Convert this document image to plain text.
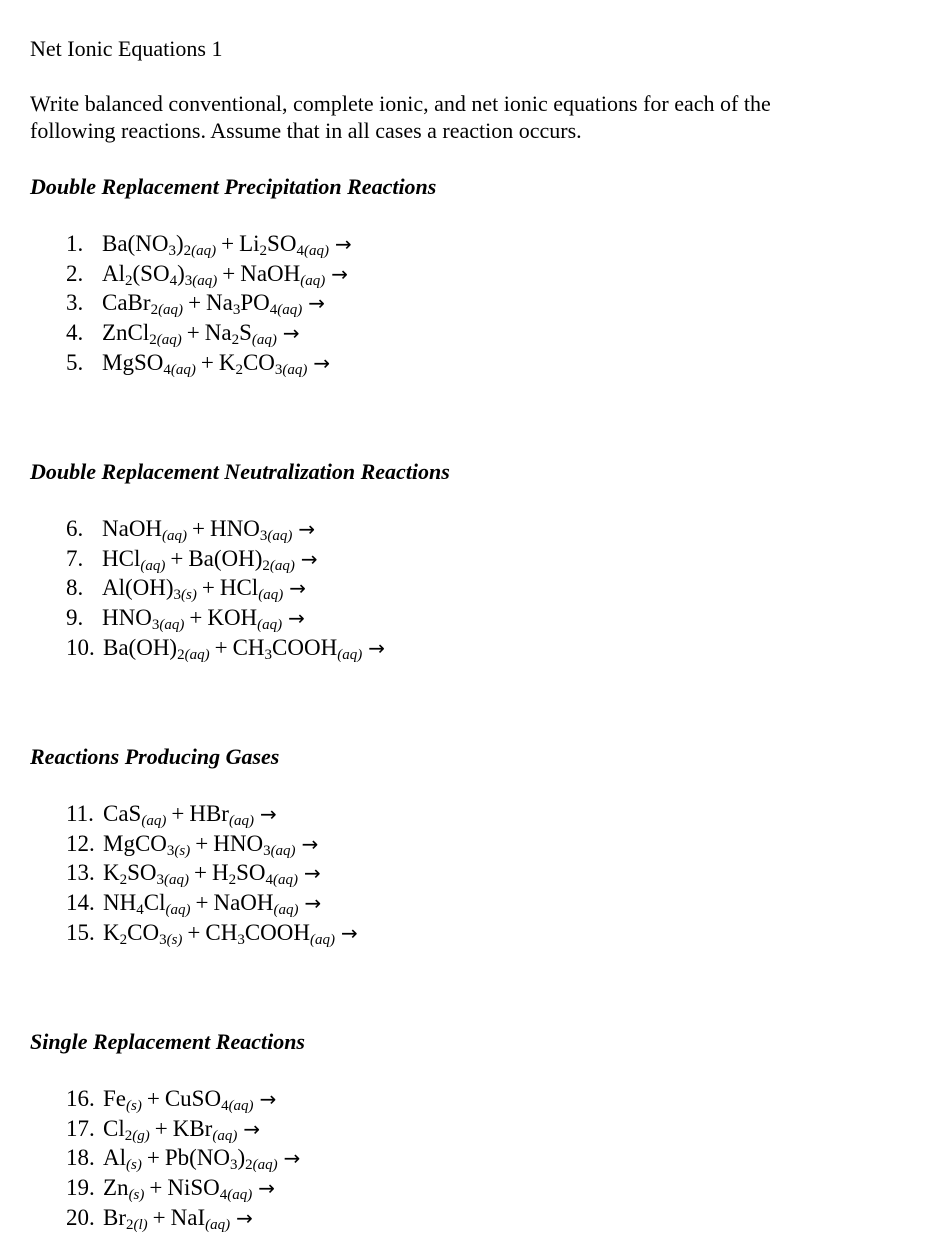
Net Ionic Equations 1
Write balanced conventional, complete ionic, and net ionic equations for each of the
following reactions. Assume that in all cases a reaction occurs.
Double Replacement Precipitation Reactions
1. $Ba(NO_3)_{2(aq)} + Li_2SO_{4(aq)}$ →
2. $Al_2(SO_4)_{3(aq)}$ + NaOH$_{(aq)}$ →
3. CaBr$_{2(aq)}$ + $Na_3PO_{4(aq)}$ →
4. ZnCl$_{2(aq)}$ + $Na_2S_{(aq)}$ →
5. MgSO$_{4(aq)}$ + $K_2CO_{3(aq)}$ →
Double Replacement Neutralization Reactions
6. NaOH$_{(aq)}$ + $HNO_{3(aq)}$ →
7. $HCl_{(aq)} + Ba(OH)_{2(aq)}$ →
8. $Al(OH)_{3(s)} + HCl_{(aq)}$ →
9. $HNO_{3(aq)} + KOH_{(aq)}$ →
10. $Ba(OH)_{2(aq)}$ + $CH_3COOH_{(aq)}$ →
Reactions Producing Gases
11. CaS$_{(aq)}$ + HBr$_{(aq)}$ →
12. MgCO$_{3(s)}$ + $HNO_{3(aq)}$ →
13. $K_2SO_{3(aq)} + H_2SO_{4(aq)}$ →
14. $NH_4Cl_{(aq)}$ + NaOH$_{(aq)}$ →
15. $K_2CO_{3(s)}$ + $CH_3COOH_{(aq)}$ →
Single Replacement Reactions
16. $Fe_{(s)}$ + CuSO$_{4(aq)}$ →
17. $Cl_{2(g)} + KBr_{(aq)}$ →
18. $Al_{(s)} + Pb(NO_3)_{2(aq)}$ →
19. $Zn_{(s)}$ + NiSO$_{4(aq)}$ →
20. $Br_{2(l)} + NaI_{(aq)}$ →
